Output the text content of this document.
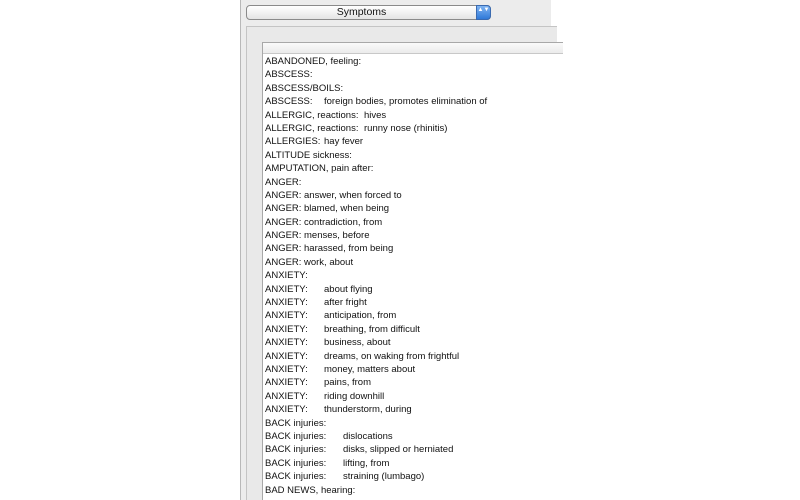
Symptoms	▲▼
ABANDONED, feeling:
ABSCESS:
ABSCESS/BOILS:
ABSCESS: foreign bodies, promotes elimination of
ALLERGIC, reactions: hives
ALLERGIC, reactions: runny nose (rhinitis)
ALLERGIES: hay fever
ALTITUDE sickness:
AMPUTATION, pain after:
ANGER:
ANGER: answer, when forced to
ANGER: blamed, when being
ANGER: contradiction, from
ANGER: menses, before
ANGER: harassed, from being
ANGER: work, about
ANXIETY:
ANXIETY: about flying
ANXIETY: after fright
ANXIETY: anticipation, from
ANXIETY: breathing, from difficult
ANXIETY: business, about
ANXIETY: dreams, on waking from frightful
ANXIETY: money, matters about
ANXIETY: pains, from
ANXIETY: riding downhill
ANXIETY: thunderstorm, during
BACK injuries:
BACK injuries: dislocations
BACK injuries: disks, slipped or herniated
BACK injuries: lifting, from
BACK injuries: straining (lumbago)
BAD NEWS, hearing:
